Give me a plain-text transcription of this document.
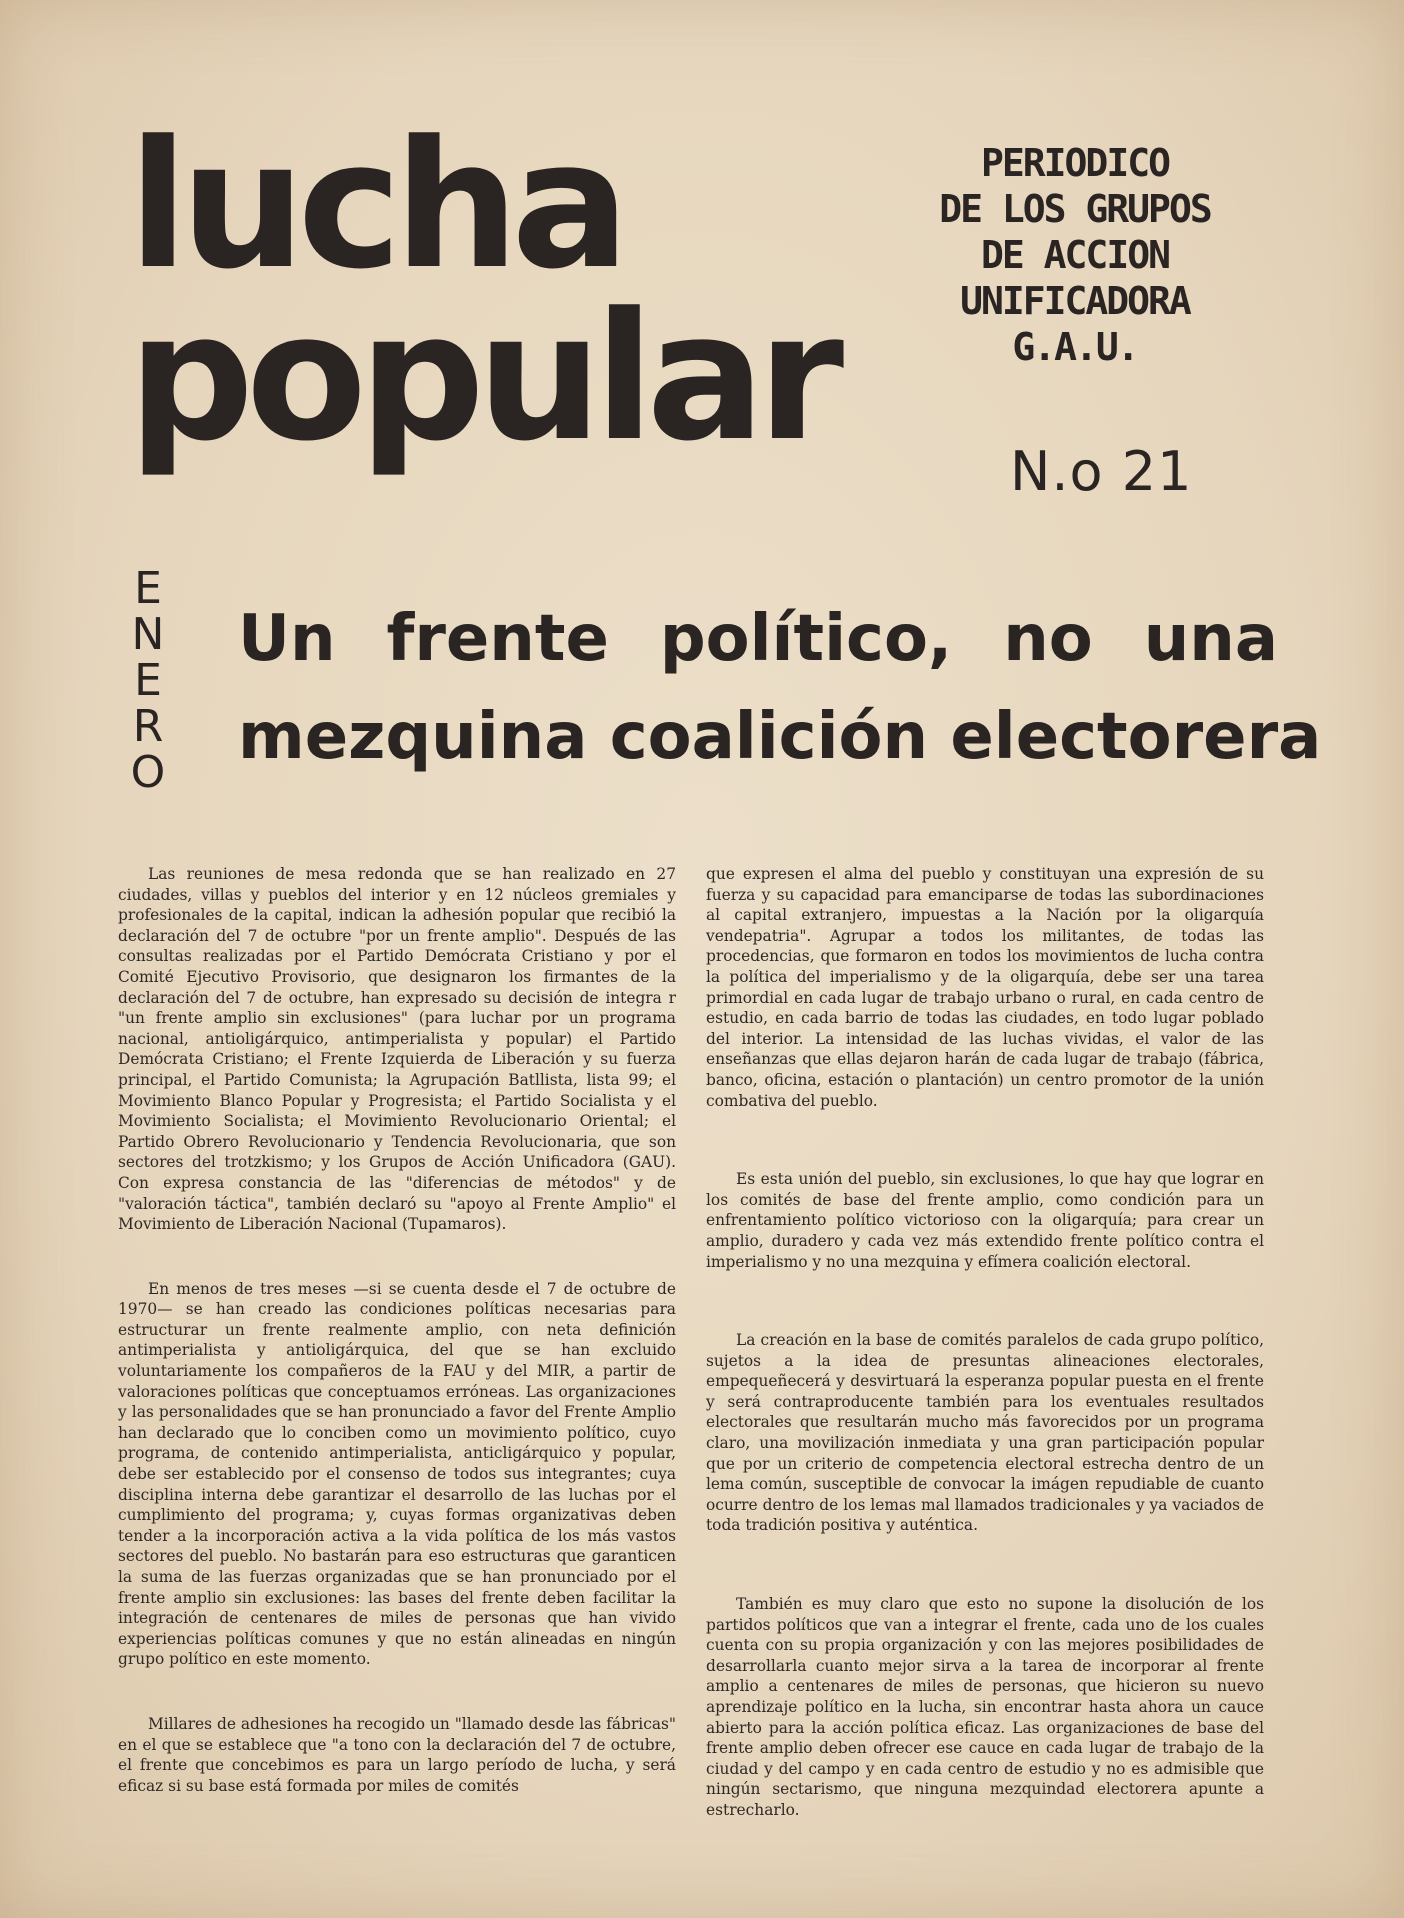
lucha
popular
PERIODICO
DE LOS GRUPOS
DE ACCION
UNIFICADORA
G.A.U.
N.o 21
E
N
E
R
O
Un frente político, no una
mezquina coalición electorera

Las reuniones de mesa redonda que se han realizado en 27 ciudades, villas y pueblos del interior y en 12 núcleos gremiales y profesionales de la capital, indican la adhesión popular que recibió la declaración del 7 de octubre "por un frente amplio". Después de las consultas realizadas por el Partido Demócrata Cristiano y por el Comité Ejecutivo Provisorio, que designaron los firmantes de la declaración del 7 de octubre, han expresado su decisión de integra r "un frente amplio sin exclusiones" (para luchar por un programa nacional, antioligárquico, antimperialista y popular) el Partido Demócrata Cristiano; el Frente Izquierda de Liberación y su fuerza principal, el Partido Comunista; la Agrupación Batllista, lista 99; el Movimiento Blanco Popular y Progresista; el Partido Socialista y el Movimiento Socialista; el Movimiento Revolucionario Oriental; el Partido Obrero Revolucionario y Tendencia Revolucionaria, que son sectores del trotzkismo; y los Grupos de Acción Unificadora (GAU). Con expresa constancia de las "diferencias de métodos" y de "valoración táctica", también declaró su "apoyo al Frente Amplio" el Movimiento de Liberación Nacional (Tupamaros).

En menos de tres meses —si se cuenta desde el 7 de octubre de 1970— se han creado las condiciones políticas necesarias para estructurar un frente realmente amplio, con neta definición antimperialista y antioligárquica, del que se han excluido voluntariamente los compañeros de la FAU y del MIR, a partir de valoraciones políticas que conceptuamos erróneas. Las organizaciones y las personalidades que se han pronunciado a favor del Frente Amplio han declarado que lo conciben como un movimiento político, cuyo programa, de contenido antimperialista, anticligárquico y popular, debe ser establecido por el consenso de todos sus integrantes; cuya disciplina interna debe garantizar el desarrollo de las luchas por el cumplimiento del programa; y, cuyas formas organizativas deben tender a la incorporación activa a la vida política de los más vastos sectores del pueblo. No bastarán para eso estructuras que garanticen la suma de las fuerzas organizadas que se han pronunciado por el frente amplio sin exclusiones: las bases del frente deben facilitar la integración de centenares de miles de personas que han vivido experiencias políticas comunes y que no están alineadas en ningún grupo político en este momento.

Millares de adhesiones ha recogido un "llamado desde las fábricas" en el que se establece que "a tono con la declaración del 7 de octubre, el frente que concebimos es para un largo período de lucha, y será eficaz si su base está formada por miles de comités

que expresen el alma del pueblo y constituyan una expresión de su fuerza y su capacidad para emanciparse de todas las subordinaciones al capital extranjero, impuestas a la Nación por la oligarquía vendepatria". Agrupar a todos los militantes, de todas las procedencias, que formaron en todos los movimientos de lucha contra la política del imperialismo y de la oligarquía, debe ser una tarea primordial en cada lugar de trabajo urbano o rural, en cada centro de estudio, en cada barrio de todas las ciudades, en todo lugar poblado del interior. La intensidad de las luchas vividas, el valor de las enseñanzas que ellas dejaron harán de cada lugar de trabajo (fábrica, banco, oficina, estación o plantación) un centro promotor de la unión combativa del pueblo.

Es esta unión del pueblo, sin exclusiones, lo que hay que lograr en los comités de base del frente amplio, como condición para un enfrentamiento político victorioso con la oligarquía; para crear un amplio, duradero y cada vez más extendido frente político contra el imperialismo y no una mezquina y efímera coalición electoral.

La creación en la base de comités paralelos de cada grupo político, sujetos a la idea de presuntas alineaciones electorales, empequeñecerá y desvirtuará la esperanza popular puesta en el frente y será contraproducente también para los eventuales resultados electorales que resultarán mucho más favorecidos por un programa claro, una movilización inmediata y una gran participación popular que por un criterio de competencia electoral estrecha dentro de un lema común, susceptible de convocar la imágen repudiable de cuanto ocurre dentro de los lemas mal llamados tradicionales y ya vaciados de toda tradición positiva y auténtica.

También es muy claro que esto no supone la disolución de los partidos políticos que van a integrar el frente, cada uno de los cuales cuenta con su propia organización y con las mejores posibilidades de desarrollarla cuanto mejor sirva a la tarea de incorporar al frente amplio a centenares de miles de personas, que hicieron su nuevo aprendizaje político en la lucha, sin encontrar hasta ahora un cauce abierto para la acción política eficaz. Las organizaciones de base del frente amplio deben ofrecer ese cauce en cada lugar de trabajo de la ciudad y del campo y en cada centro de estudio y no es admisible que ningún sectarismo, que ninguna mezquindad electorera apunte a estrecharlo.
